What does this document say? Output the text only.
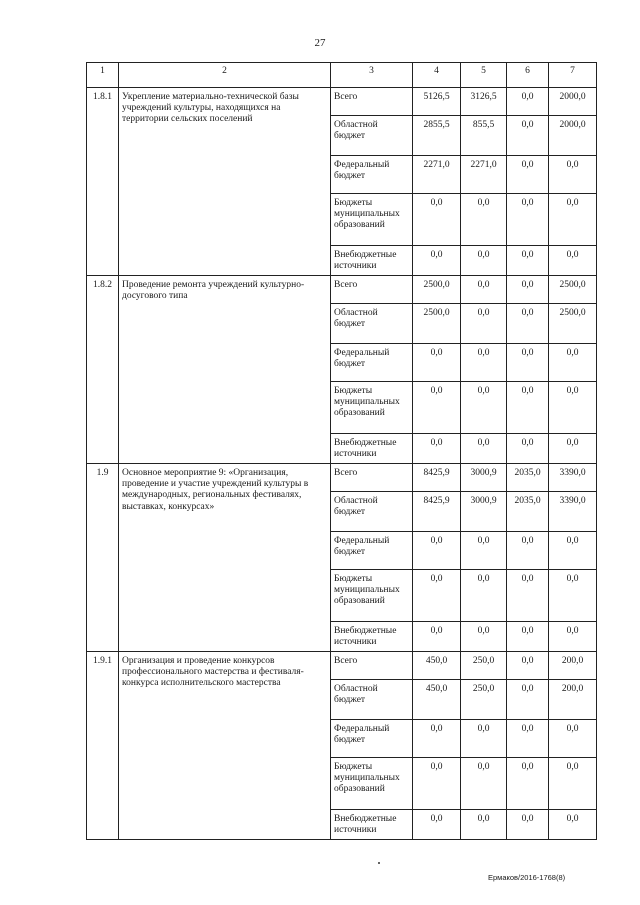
27
1	2	3	4	5	6	7
1.8.1	Укрепление материально-технической базы учреждений культуры, находящихся на территории сельских поселений	Всего	5126,5	3126,5	0,0	2000,0
		Областной бюджет	2855,5	855,5	0,0	2000,0
		Федеральный бюджет	2271,0	2271,0	0,0	0,0
		Бюджеты муниципальных образований	0,0	0,0	0,0	0,0
		Внебюджетные источники	0,0	0,0	0,0	0,0
1.8.2	Проведение ремонта учреждений культурно-досугового типа	Всего	2500,0	0,0	0,0	2500,0
		Областной бюджет	2500,0	0,0	0,0	2500,0
		Федеральный бюджет	0,0	0,0	0,0	0,0
		Бюджеты муниципальных образований	0,0	0,0	0,0	0,0
		Внебюджетные источники	0,0	0,0	0,0	0,0
1.9	Основное мероприятие 9: «Организация, проведение и участие учреждений культуры в международных, региональных фестивалях, выставках, конкурсах»	Всего	8425,9	3000,9	2035,0	3390,0
		Областной бюджет	8425,9	3000,9	2035,0	3390,0
		Федеральный бюджет	0,0	0,0	0,0	0,0
		Бюджеты муниципальных образований	0,0	0,0	0,0	0,0
		Внебюджетные источники	0,0	0,0	0,0	0,0
1.9.1	Организация и проведение конкурсов профессионального мастерства и фестиваля-конкурса исполнительского мастерства	Всего	450,0	250,0	0,0	200,0
		Областной бюджет	450,0	250,0	0,0	200,0
		Федеральный бюджет	0,0	0,0	0,0	0,0
		Бюджеты муниципальных образований	0,0	0,0	0,0	0,0
		Внебюджетные источники	0,0	0,0	0,0	0,0
Ермаков/2016-1768(8)
